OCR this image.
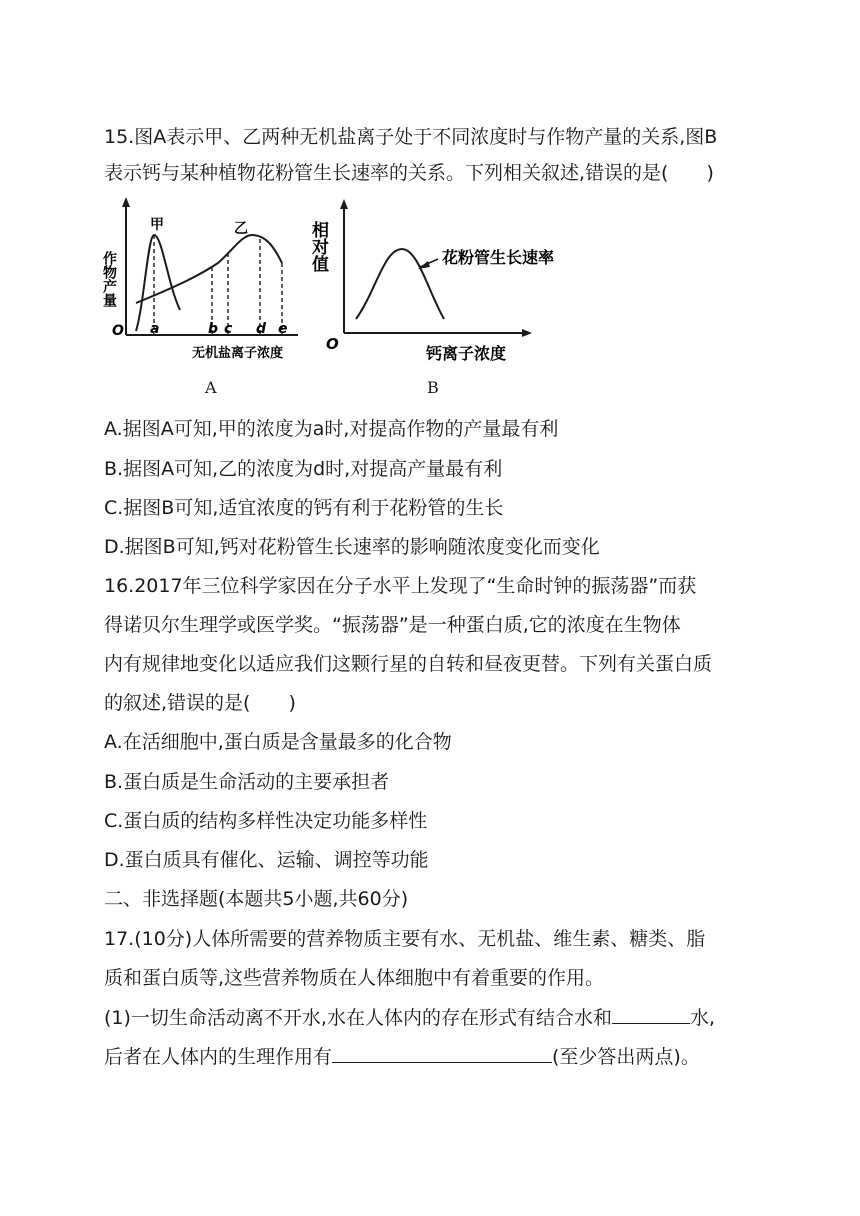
15.图A表示甲、乙两种无机盐离子处于不同浓度时与作物产量的关系,图B
表示钙与某种植物花粉管生长速率的关系。下列相关叙述,错误的是(　　)
作物产量
O
甲	乙
a	b c d e
无机盐离子浓度
相对值	花粉管生长速率
O	钙离子浓度
A	B
A.据图A可知,甲的浓度为a时,对提高作物的产量最有利
B.据图A可知,乙的浓度为d时,对提高产量最有利
C.据图B可知,适宜浓度的钙有利于花粉管的生长
D.据图B可知,钙对花粉管生长速率的影响随浓度变化而变化
16.2017年三位科学家因在分子水平上发现了“生命时钟的振荡器”而获
得诺贝尔生理学或医学奖。“振荡器”是一种蛋白质,它的浓度在生物体
内有规律地变化以适应我们这颗行星的自转和昼夜更替。下列有关蛋白质
的叙述,错误的是(　　)
A.在活细胞中,蛋白质是含量最多的化合物
B.蛋白质是生命活动的主要承担者
C.蛋白质的结构多样性决定功能多样性
D.蛋白质具有催化、运输、调控等功能
二、非选择题(本题共5小题,共60分)
17.(10分)人体所需要的营养物质主要有水、无机盐、维生素、糖类、脂
质和蛋白质等,这些营养物质在人体细胞中有着重要的作用。
(1)一切生命活动离不开水,水在人体内的存在形式有结合水和	水,
后者在人体内的生理作用有	(至少答出两点)。
